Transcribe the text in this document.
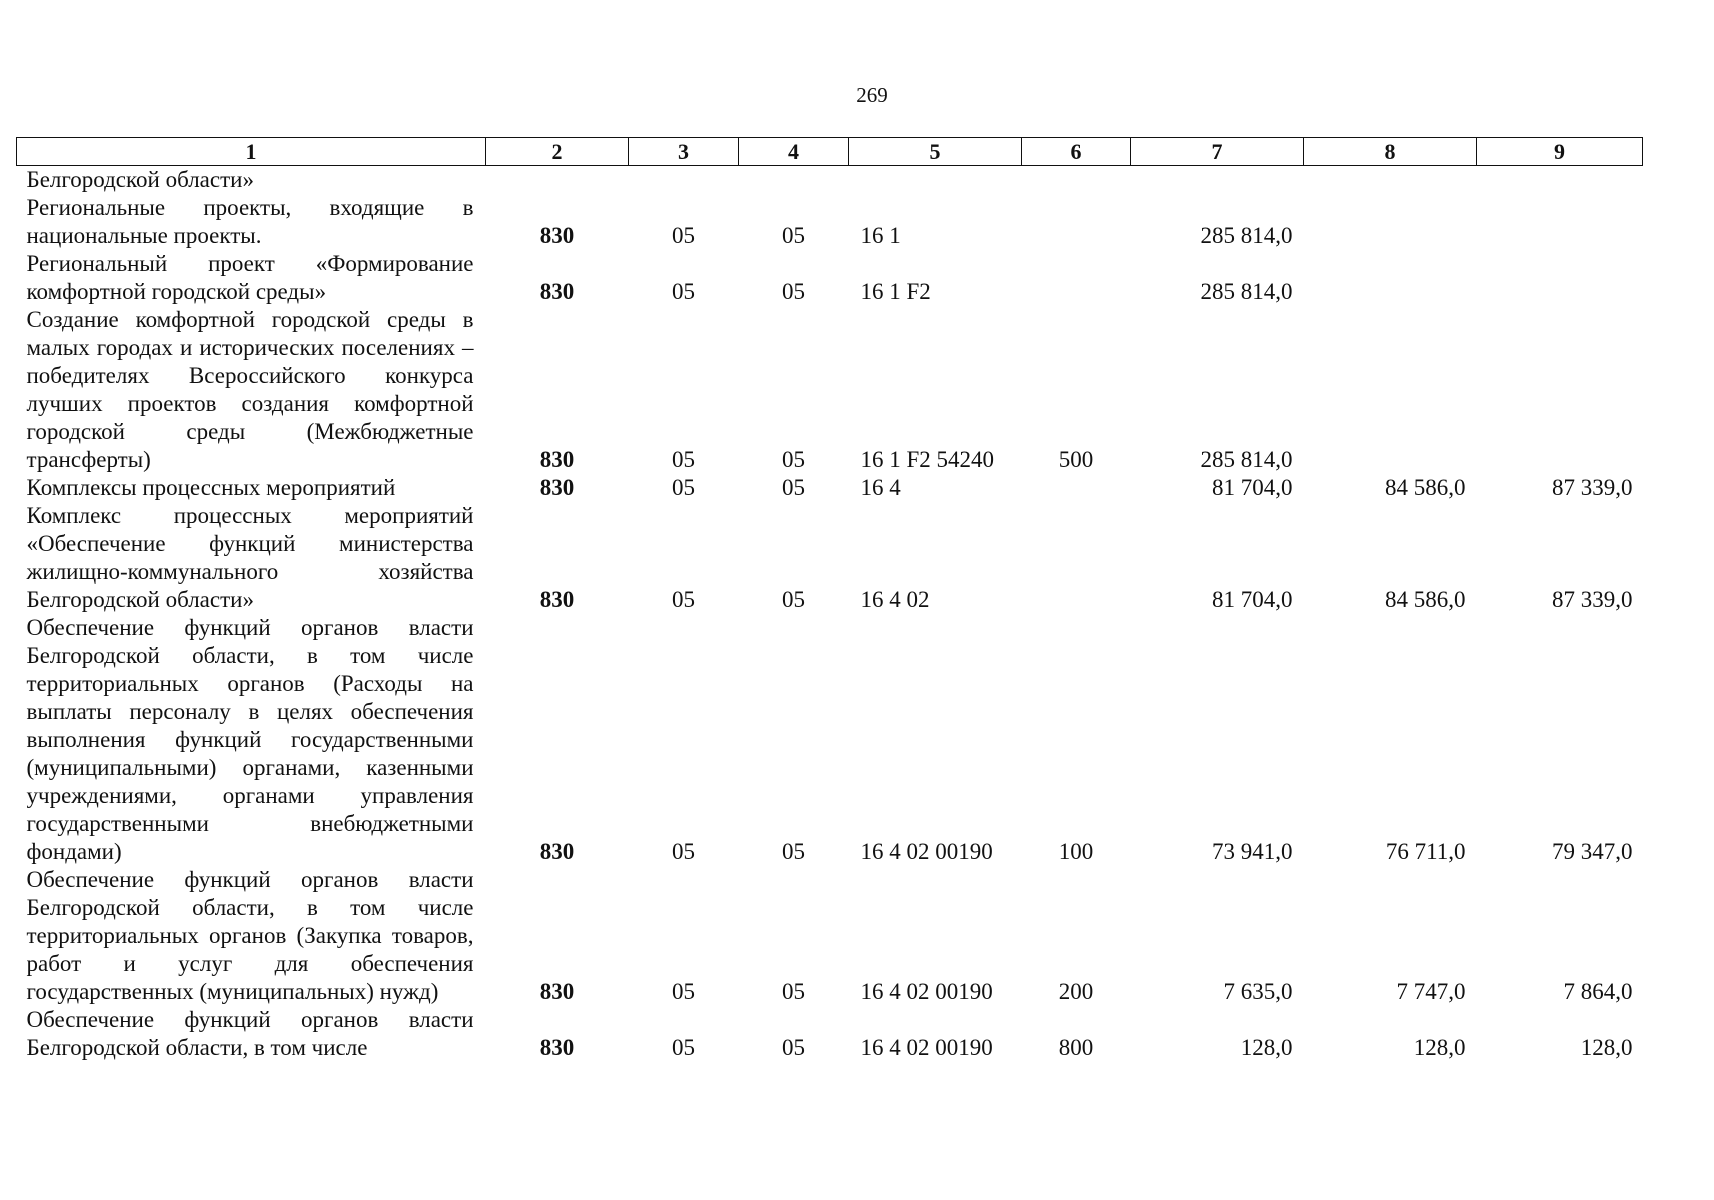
269
1	2	3	4	5	6	7	8	9
Белгородской области»								
Региональные проекты, входящие в национальные проекты.	830	05	05	16 1		285 814,0		
Региональный проект «Формирование комфортной городской среды»	830	05	05	16 1 F2		285 814,0		
Создание комфортной городской среды в малых городах и исторических поселениях – победителях Всероссийского конкурса лучших проектов создания комфортной городской среды (Межбюджетные трансферты)	830	05	05	16 1 F2 54240	500	285 814,0		
Комплексы процессных мероприятий	830	05	05	16 4		81 704,0	84 586,0	87 339,0
Комплекс процессных мероприятий «Обеспечение функций министерства жилищно-коммунального хозяйства Белгородской области»	830	05	05	16 4 02		81 704,0	84 586,0	87 339,0
Обеспечение функций органов власти Белгородской области, в том числе территориальных органов (Расходы на выплаты персоналу в целях обеспечения выполнения функций государственными (муниципальными) органами, казенными учреждениями, органами управления государственными внебюджетными фондами)	830	05	05	16 4 02 00190	100	73 941,0	76 711,0	79 347,0
Обеспечение функций органов власти Белгородской области, в том числе территориальных органов (Закупка товаров, работ и услуг для обеспечения государственных (муниципальных) нужд)	830	05	05	16 4 02 00190	200	7 635,0	7 747,0	7 864,0
Обеспечение функций органов власти Белгородской области, в том числе	830	05	05	16 4 02 00190	800	128,0	128,0	128,0
